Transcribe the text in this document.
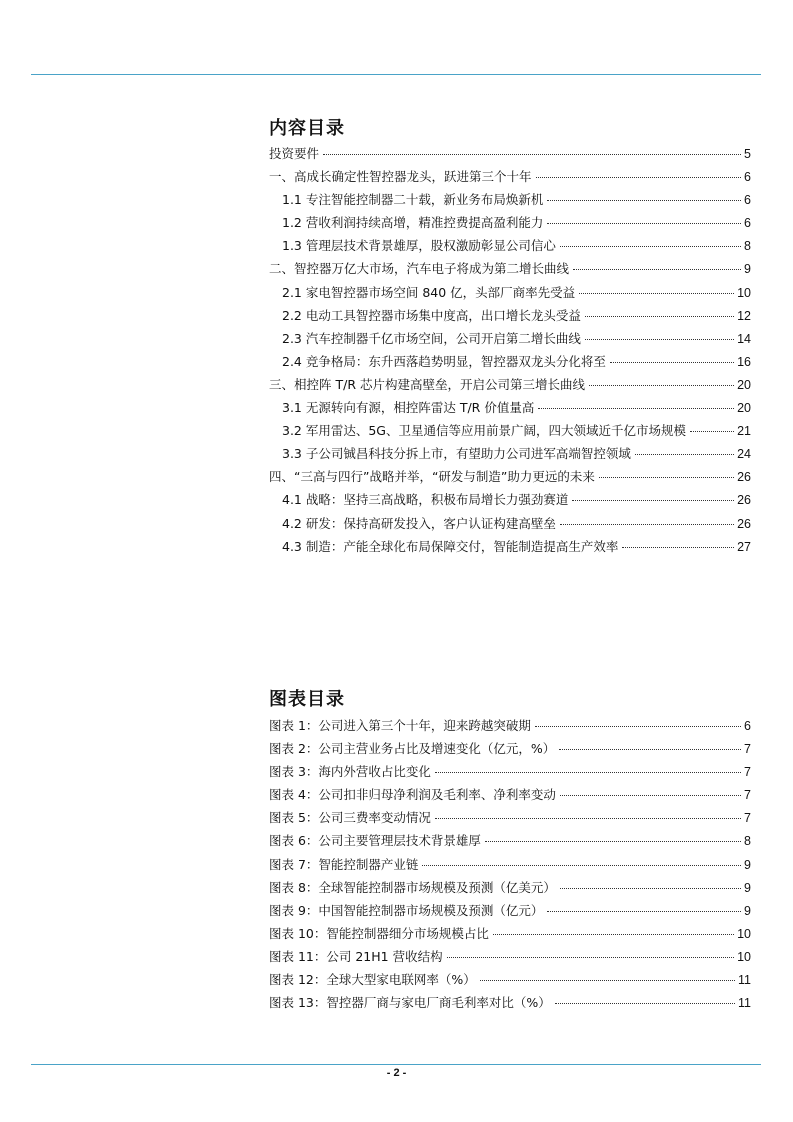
内容目录
投资要件	5
一、高成长确定性智控器龙头，跃进第三个十年	6
1.1 专注智能控制器二十载，新业务布局焕新机	6
1.2 营收利润持续高增，精准控费提高盈利能力	6
1.3 管理层技术背景雄厚，股权激励彰显公司信心	8
二、智控器万亿大市场，汽车电子将成为第二增长曲线	9
2.1 家电智控器市场空间 840 亿，头部厂商率先受益	10
2.2 电动工具智控器市场集中度高，出口增长龙头受益	12
2.3 汽车控制器千亿市场空间，公司开启第二增长曲线	14
2.4 竞争格局：东升西落趋势明显，智控器双龙头分化将至	16
三、相控阵 T/R 芯片构建高壁垒，开启公司第三增长曲线	20
3.1 无源转向有源，相控阵雷达 T/R 价值量高	20
3.2 军用雷达、5G、卫星通信等应用前景广阔，四大领域近千亿市场规模	21
3.3 子公司铖昌科技分拆上市，有望助力公司进军高端智控领域	24
四、“三高与四行”战略并举，“研发与制造”助力更远的未来	26
4.1 战略：坚持三高战略，积极布局增长力强劲赛道	26
4.2 研发：保持高研发投入，客户认证构建高壁垒	26
4.3 制造：产能全球化布局保障交付，智能制造提高生产效率	27
图表目录
图表 1：公司进入第三个十年，迎来跨越突破期	6
图表 2：公司主营业务占比及增速变化（亿元，%）	7
图表 3：海内外营收占比变化	7
图表 4：公司扣非归母净利润及毛利率、净利率变动	7
图表 5：公司三费率变动情况	7
图表 6：公司主要管理层技术背景雄厚	8
图表 7：智能控制器产业链	9
图表 8：全球智能控制器市场规模及预测（亿美元）	9
图表 9：中国智能控制器市场规模及预测（亿元）	9
图表 10：智能控制器细分市场规模占比	10
图表 11：公司 21H1 营收结构	10
图表 12：全球大型家电联网率（%）	11
图表 13：智控器厂商与家电厂商毛利率对比（%）	11
- 2 -
